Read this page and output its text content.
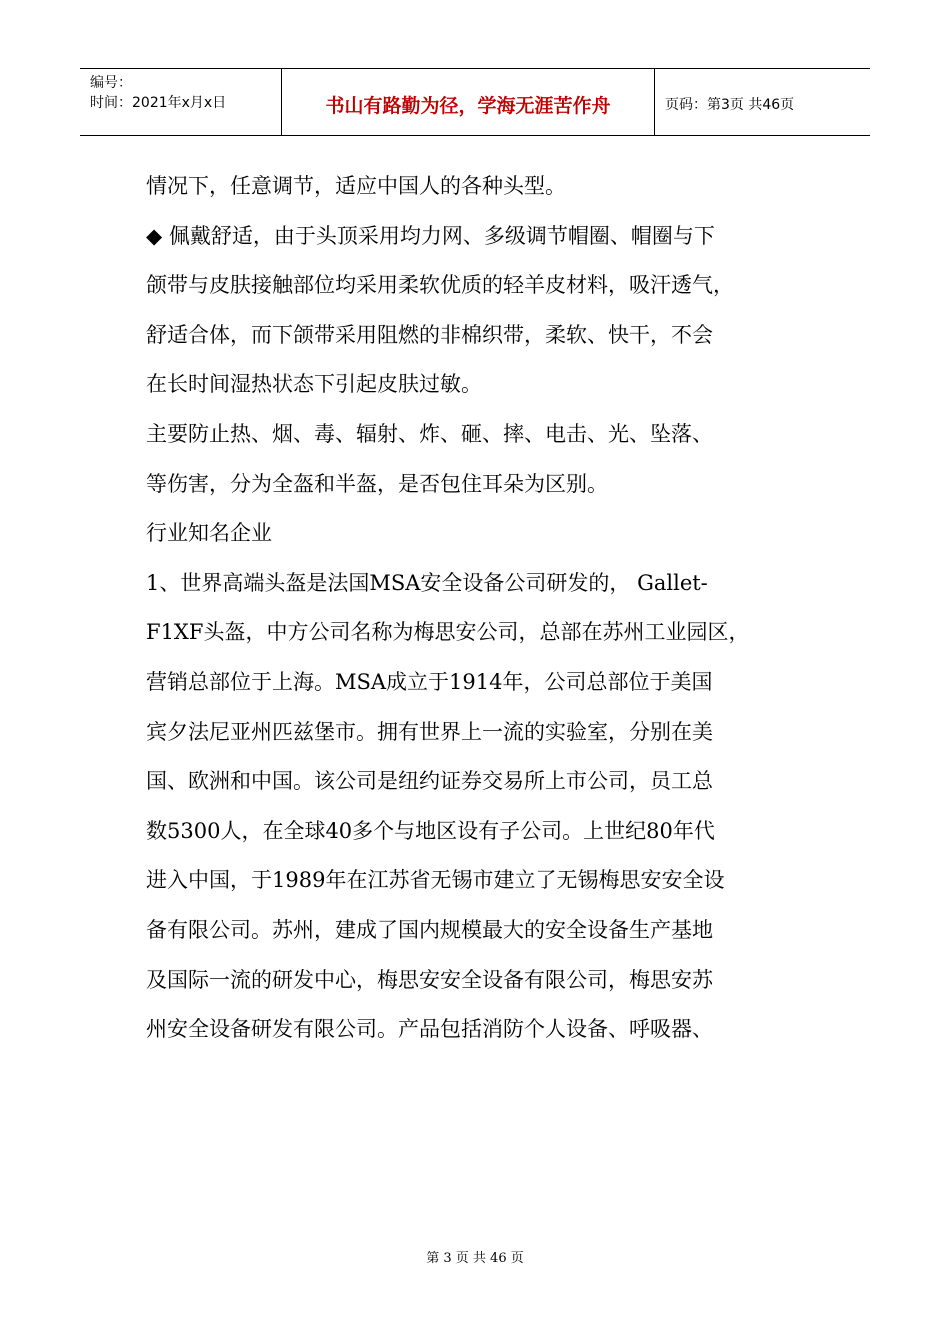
编号：
时间：2021年x月x日	书山有路勤为径，学海无涯苦作舟	页码：第3页 共46页
情况下，任意调节，适应中国人的各种头型。
◆ 佩戴舒适，由于头顶采用均力网、多级调节帽圈、帽圈与下
颌带与皮肤接触部位均采用柔软优质的轻羊皮材料，吸汗透气，
舒适合体，而下颌带采用阻燃的非棉织带，柔软、快干，不会
在长时间湿热状态下引起皮肤过敏。
主要防止热、烟、毒、辐射、炸、砸、摔、电击、光、坠落、
等伤害，分为全盔和半盔，是否包住耳朵为区别。
行业知名企业
1、世界高端头盔是法国MSA安全设备公司研发的， Gallet-
F1XF头盔，中方公司名称为梅思安公司，总部在苏州工业园区，
营销总部位于上海。MSA成立于1914年，公司总部位于美国
宾夕法尼亚州匹兹堡市。拥有世界上一流的实验室，分别在美
国、欧洲和中国。该公司是纽约证券交易所上市公司，员工总
数5300人，在全球40多个与地区设有子公司。上世纪80年代
进入中国，于1989年在江苏省无锡市建立了无锡梅思安安全设
备有限公司。苏州，建成了国内规模最大的安全设备生产基地
及国际一流的研发中心，梅思安安全设备有限公司，梅思安苏
州安全设备研发有限公司。产品包括消防个人设备、呼吸器、
第 3 页 共 46 页
